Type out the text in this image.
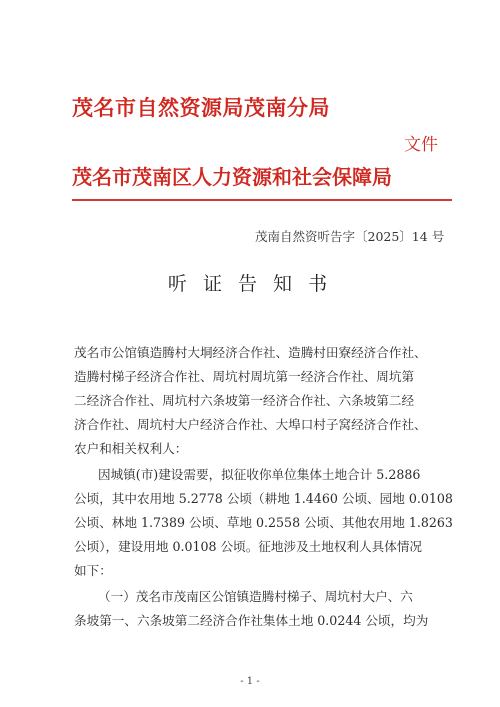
茂名市自然资源局茂南分局
文件
茂名市茂南区人力资源和社会保障局
茂南自然资听告字〔2025〕14 号
听 证 告 知 书
茂名市公馆镇造腾村大垌经济合作社、造腾村田寮经济合作社、
造腾村梯子经济合作社、周坑村周坑第一经济合作社、周坑第
二经济合作社、周坑村六条坡第一经济合作社、六条坡第二经
济合作社、周坑村大户经济合作社、大埠口村子窝经济合作社、
农户和相关权利人：
因城镇(市)建设需要，拟征收你单位集体土地合计 5.2886
公顷，其中农用地 5.2778 公顷（耕地 1.4460 公顷、园地 0.0108
公顷、林地 1.7389 公顷、草地 0.2558 公顷、其他农用地 1.8263
公顷），建设用地 0.0108 公顷。征地涉及土地权利人具体情况
如下：
（一）茂名市茂南区公馆镇造腾村梯子、周坑村大户、六
条坡第一、六条坡第二经济合作社集体土地 0.0244 公顷，均为
- 1 -
